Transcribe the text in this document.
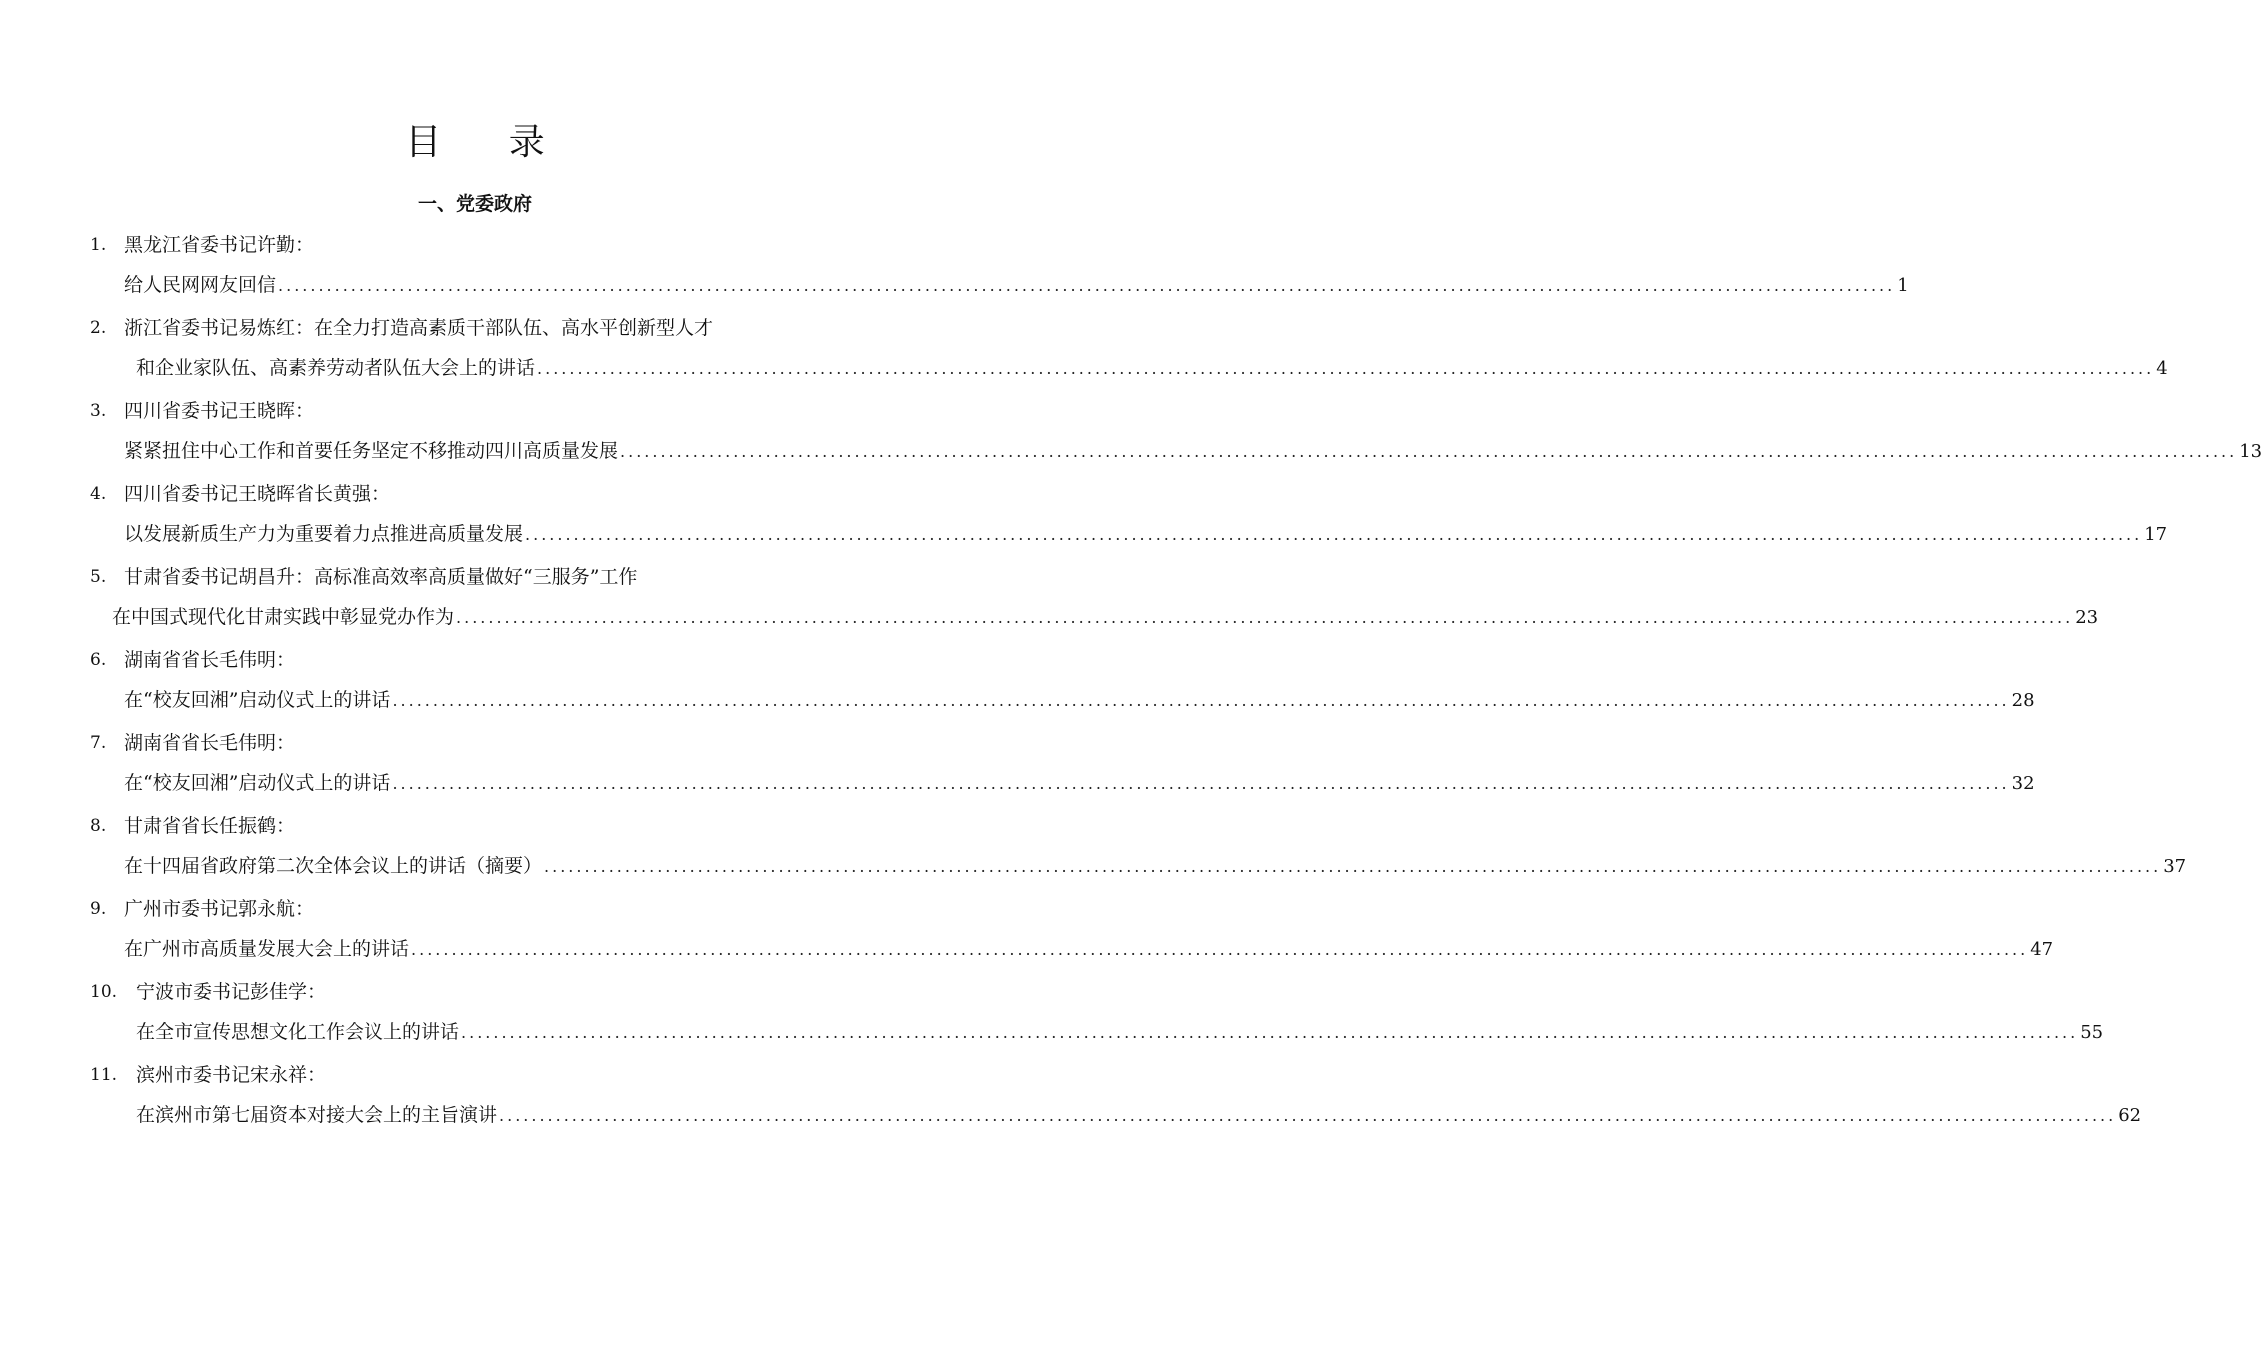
目 录
一、党委政府
1. 黑龙江省委书记许勤：
给人民网网友回信 ........................................................................................................................................................................................................ 1
2. 浙江省委书记易炼红：在全力打造高素质干部队伍、高水平创新型人才
和企业家队伍、高素养劳动者队伍大会上的讲话 ........................................................................................................................................................................................................ 4
3. 四川省委书记王晓晖：
紧紧扭住中心工作和首要任务坚定不移推动四川高质量发展 ........................................................................................................................................................................................................ 13
4. 四川省委书记王晓晖省长黄强：
以发展新质生产力为重要着力点推进高质量发展 ........................................................................................................................................................................................................ 17
5. 甘肃省委书记胡昌升：高标准高效率高质量做好“三服务”工作
在中国式现代化甘肃实践中彰显党办作为 ........................................................................................................................................................................................................ 23
6. 湖南省省长毛伟明：
在“校友回湘”启动仪式上的讲话 ........................................................................................................................................................................................................ 28
7. 湖南省省长毛伟明：
在“校友回湘”启动仪式上的讲话 ........................................................................................................................................................................................................ 32
8. 甘肃省省长任振鹤：
在十四届省政府第二次全体会议上的讲话（摘要） ........................................................................................................................................................................................................ 37
9. 广州市委书记郭永航：
在广州市高质量发展大会上的讲话 ........................................................................................................................................................................................................ 47
10. 宁波市委书记彭佳学：
在全市宣传思想文化工作会议上的讲话 ........................................................................................................................................................................................................ 55
11. 滨州市委书记宋永祥：
在滨州市第七届资本对接大会上的主旨演讲 ........................................................................................................................................................................................................ 62
